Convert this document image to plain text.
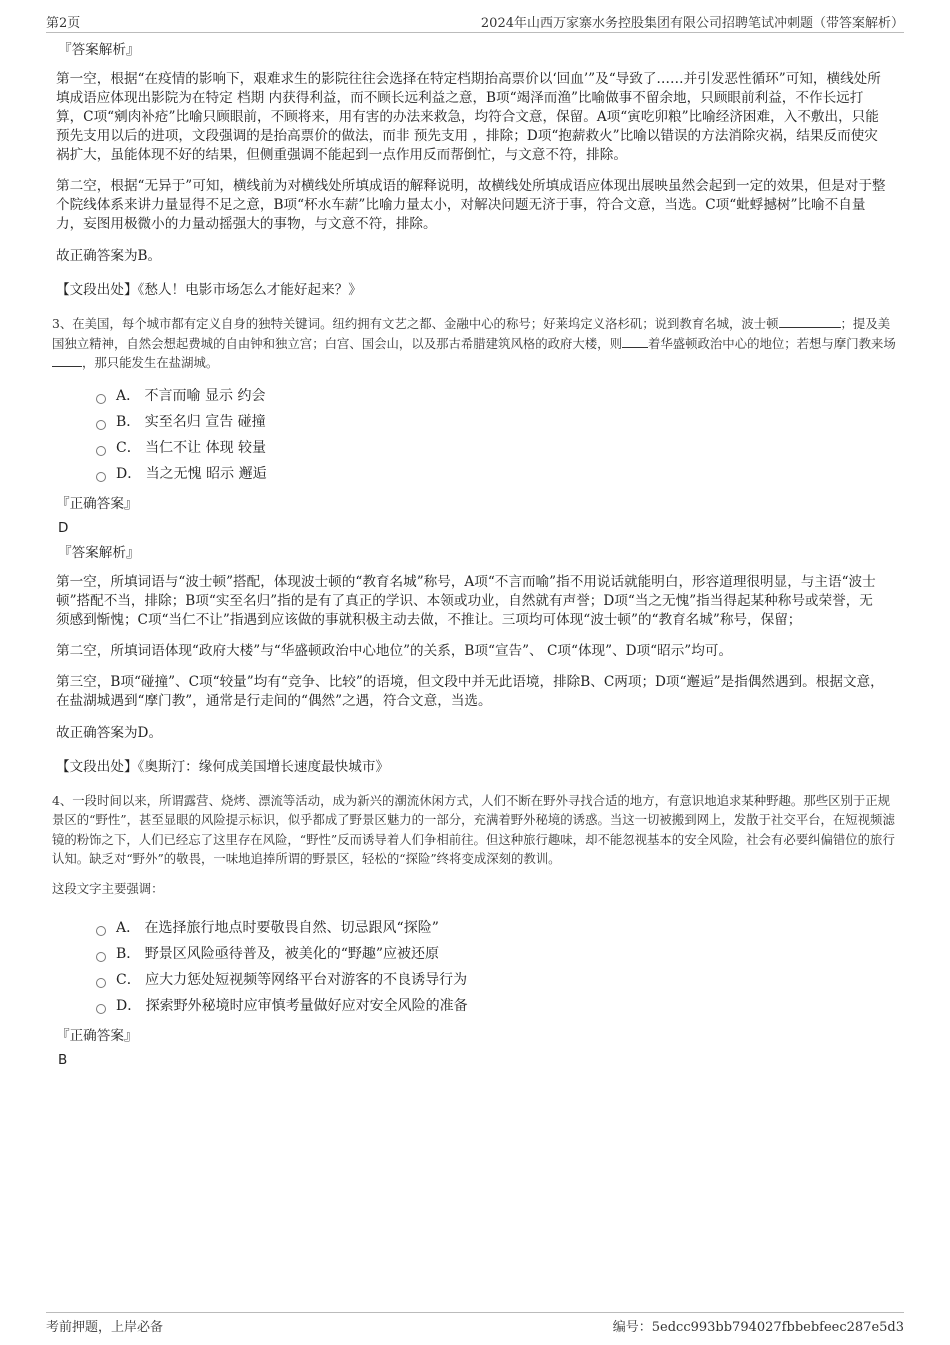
第2页	2024年山西万家寨水务控股集团有限公司招聘笔试冲刺题（带答案解析）
『答案解析』

第一空，根据“在疫情的影响下，艰难求生的影院往往会选择在特定档期抬高票价以‘回血’”及“导致了……并引发恶性循环”可知，横线处所填成语应体现出影院为在特定 档期 内获得利益，而不顾长远利益之意，B项“竭泽而渔”比喻做事不留余地，只顾眼前利益，不作长远打算，C项“剜肉补疮”比喻只顾眼前，不顾将来，用有害的办法来救急，均符合文意，保留。A项“寅吃卯粮”比喻经济困难，入不敷出，只能预先支用以后的进项，文段强调的是抬高票价的做法，而非 预先支用 ，排除；D项“抱薪救火”比喻以错误的方法消除灾祸，结果反而使灾祸扩大，虽能体现不好的结果，但侧重强调不能起到一点作用反而帮倒忙，与文意不符，排除。

第二空，根据“无异于”可知，横线前为对横线处所填成语的解释说明，故横线处所填成语应体现出展映虽然会起到一定的效果，但是对于整个院线体系来讲力量显得不足之意，B项“杯水车薪”比喻力量太小，对解决问题无济于事，符合文意，当选。C项“蚍蜉撼树”比喻不自量力，妄图用极微小的力量动摇强大的事物，与文意不符，排除。

故正确答案为B。

【文段出处】《愁人！电影市场怎么才能好起来？》

3、在美国，每个城市都有定义自身的独特关键词。纽约拥有文艺之都、金融中心的称号；好莱坞定义洛杉矶；说到教育名城，波士顿	；提及美国独立精神，自然会想起费城的自由钟和独立宫；白宫、国会山，以及那古希腊建筑风格的政府大楼，则 着华盛顿政治中心的地位；若想与摩门教来场，那只能发生在盐湖城。

A． 不言而喻 显示 约会
B． 实至名归 宣告 碰撞
C． 当仁不让 体现 较量
D． 当之无愧 昭示 邂逅
『正确答案』
D
『答案解析』

第一空，所填词语与“波士顿”搭配，体现波士顿的“教育名城”称号，A项“不言而喻”指不用说话就能明白，形容道理很明显，与主语“波士顿”搭配不当，排除；B项“实至名归”指的是有了真正的学识、本领或功业，自然就有声誉；D项“当之无愧”指当得起某种称号或荣誉，无须感到惭愧；C项“当仁不让”指遇到应该做的事就积极主动去做，不推让。三项均可体现“波士顿”的“教育名城”称号，保留；

第二空，所填词语体现“政府大楼”与“华盛顿政治中心地位”的关系，B项“宣告”、 C项“体现”、D项“昭示”均可。

第三空，B项“碰撞”、C项“较量”均有“竞争、比较”的语境，但文段中并无此语境，排除B、C两项；D项“邂逅”是指偶然遇到。根据文意，在盐湖城遇到“摩门教”，通常是行走间的“偶然”之遇，符合文意，当选。

故正确答案为D。

【文段出处】《奥斯汀：缘何成美国增长速度最快城市》

4、一段时间以来，所谓露营、烧烤、漂流等活动，成为新兴的潮流休闲方式，人们不断在野外寻找合适的地方，有意识地追求某种野趣。那些区别于正规景区的“野性”，甚至显眼的风险提示标识，似乎都成了野景区魅力的一部分，充满着野外秘境的诱惑。当这一切被搬到网上，发散于社交平台，在短视频滤镜的粉饰之下，人们已经忘了这里存在风险，“野性”反而诱导着人们争相前往。但这种旅行趣味，却不能忽视基本的安全风险，社会有必要纠偏错位的旅行认知。缺乏对“野外”的敬畏，一味地追捧所谓的野景区，轻松的“探险”终将变成深刻的教训。

这段文字主要强调：

A． 在选择旅行地点时要敬畏自然、切忌跟风“探险”
B． 野景区风险亟待普及，被美化的“野趣”应被还原
C． 应大力惩处短视频等网络平台对游客的不良诱导行为
D． 探索野外秘境时应审慎考量做好应对安全风险的准备
『正确答案』
B
考前押题，上岸必备	编号：5edcc993bb794027fbbebfeec287e5d3
